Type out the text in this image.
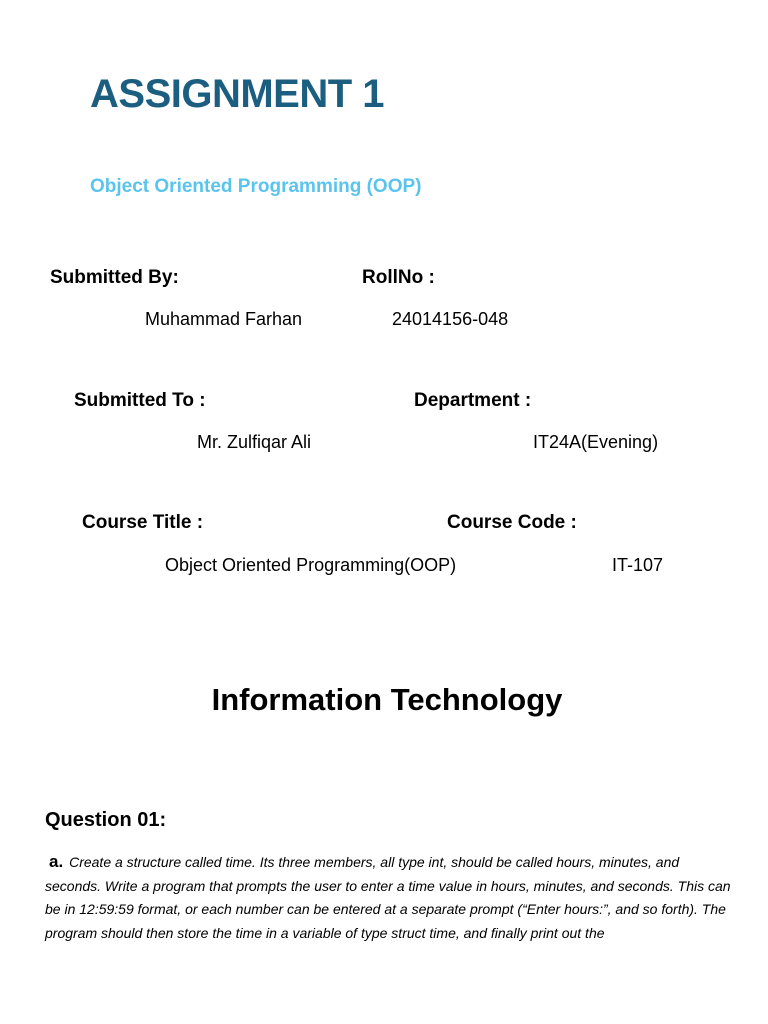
ASSIGNMENT 1
Object Oriented Programming (OOP)
Submitted By:
Muhammad Farhan
RollNo :
24014156-048
Submitted To :
Mr. Zulfiqar Ali
Department :
IT24A(Evening)
Course Title :
Object Oriented Programming(OOP)
Course Code :
IT-107
Information Technology
Question 01:
a. Create a structure called time. Its three members, all type int, should be called hours, minutes, and seconds. Write a program that prompts the user to enter a time value in hours, minutes, and seconds. This can be in 12:59:59 format, or each number can be entered at a separate prompt (“Enter hours:”, and so forth). The program should then store the time in a variable of type struct time, and finally print out the
